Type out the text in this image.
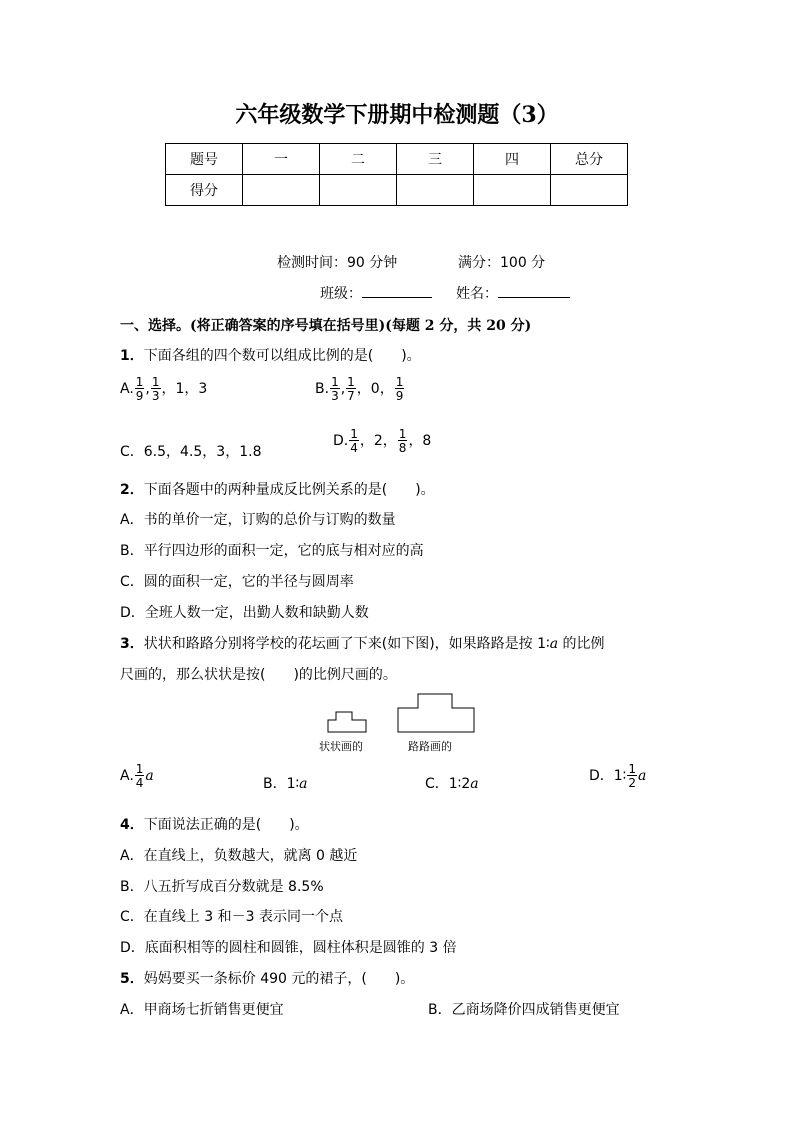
六年级数学下册期中检测题（3）
题号	一	二	三	四	总分
得分					
检测时间：90 分钟	满分：100 分
班级：	姓名：
一、选择。(将正确答案的序号填在括号里)(每题 2 分，共 20 分)
1．下面各组的四个数可以组成比例的是(　　)。
A. $\frac{1}{9}$ , $\frac{1}{3}$ ，1，3	B. $\frac{1}{3}$ , $\frac{1}{7}$ ，0， $\frac{1}{9}$
C．6.5，4.5，3，1.8
D. $\frac{1}{4}$ ，2， $\frac{1}{8}$ ，8
2．下面各题中的两种量成反比例关系的是(　　)。
A．书的单价一定，订购的总价与订购的数量
B．平行四边形的面积一定，它的底与相对应的高
C．圆的面积一定，它的半径与圆周率
D．全班人数一定，出勤人数和缺勤人数
3．状状和路路分别将学校的花坛画了下来(如下图)，如果路路是按 1∶a 的比例
尺画的，那么状状是按(　　)的比例尺画的。
状状画的	路路画的
A. $\frac{1}{4}$ a	B．1∶a	C．1∶2a	D．1∶ $\frac{1}{2}$ a
4．下面说法正确的是(　　)。
A．在直线上，负数越大，就离 0 越近
B．八五折写成百分数就是 8.5%
C．在直线上 3 和－3 表示同一个点
D．底面积相等的圆柱和圆锥，圆柱体积是圆锥的 3 倍
5．妈妈要买一条标价 490 元的裙子，(　　)。
A．甲商场七折销售更便宜	B．乙商场降价四成销售更便宜
